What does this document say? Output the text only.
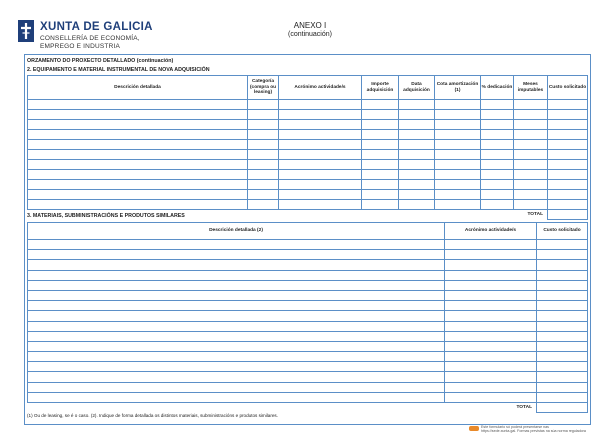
XUNTA DE GALICIA
CONSELLERÍA DE ECONOMÍA,
EMPREGO E INDUSTRIA
ANEXO I
(continuación)
ORZAMENTO DO PROXECTO DETALLADO (continuación)
2. EQUIPAMENTO E MATERIAL INSTRUMENTAL DE NOVA ADQUISICIÓN
Descrición detallada	Categoría (compra ou leasing)	Acrónimo actividade/s	Importe adquisición	Data adquisición	Cota amortización (1)	% dedicación	Meses imputables	Custo solicitado

TOTAL								
3. MATERIAIS, SUBMINISTRACIÓNS E PRODUTOS SIMILARES
Descrición detallada (2)	Acrónimo actividade/s	Custo solicitado

TOTAL		
(1) Ou de leasing, se é o caso. (2). Indique de forma detallada os distintos materiais, subministracións e produtos similares.
Este formulario só poderá presentarse nas
https://sede.xunta.gal. Formas previstas na súa norma reguladora
